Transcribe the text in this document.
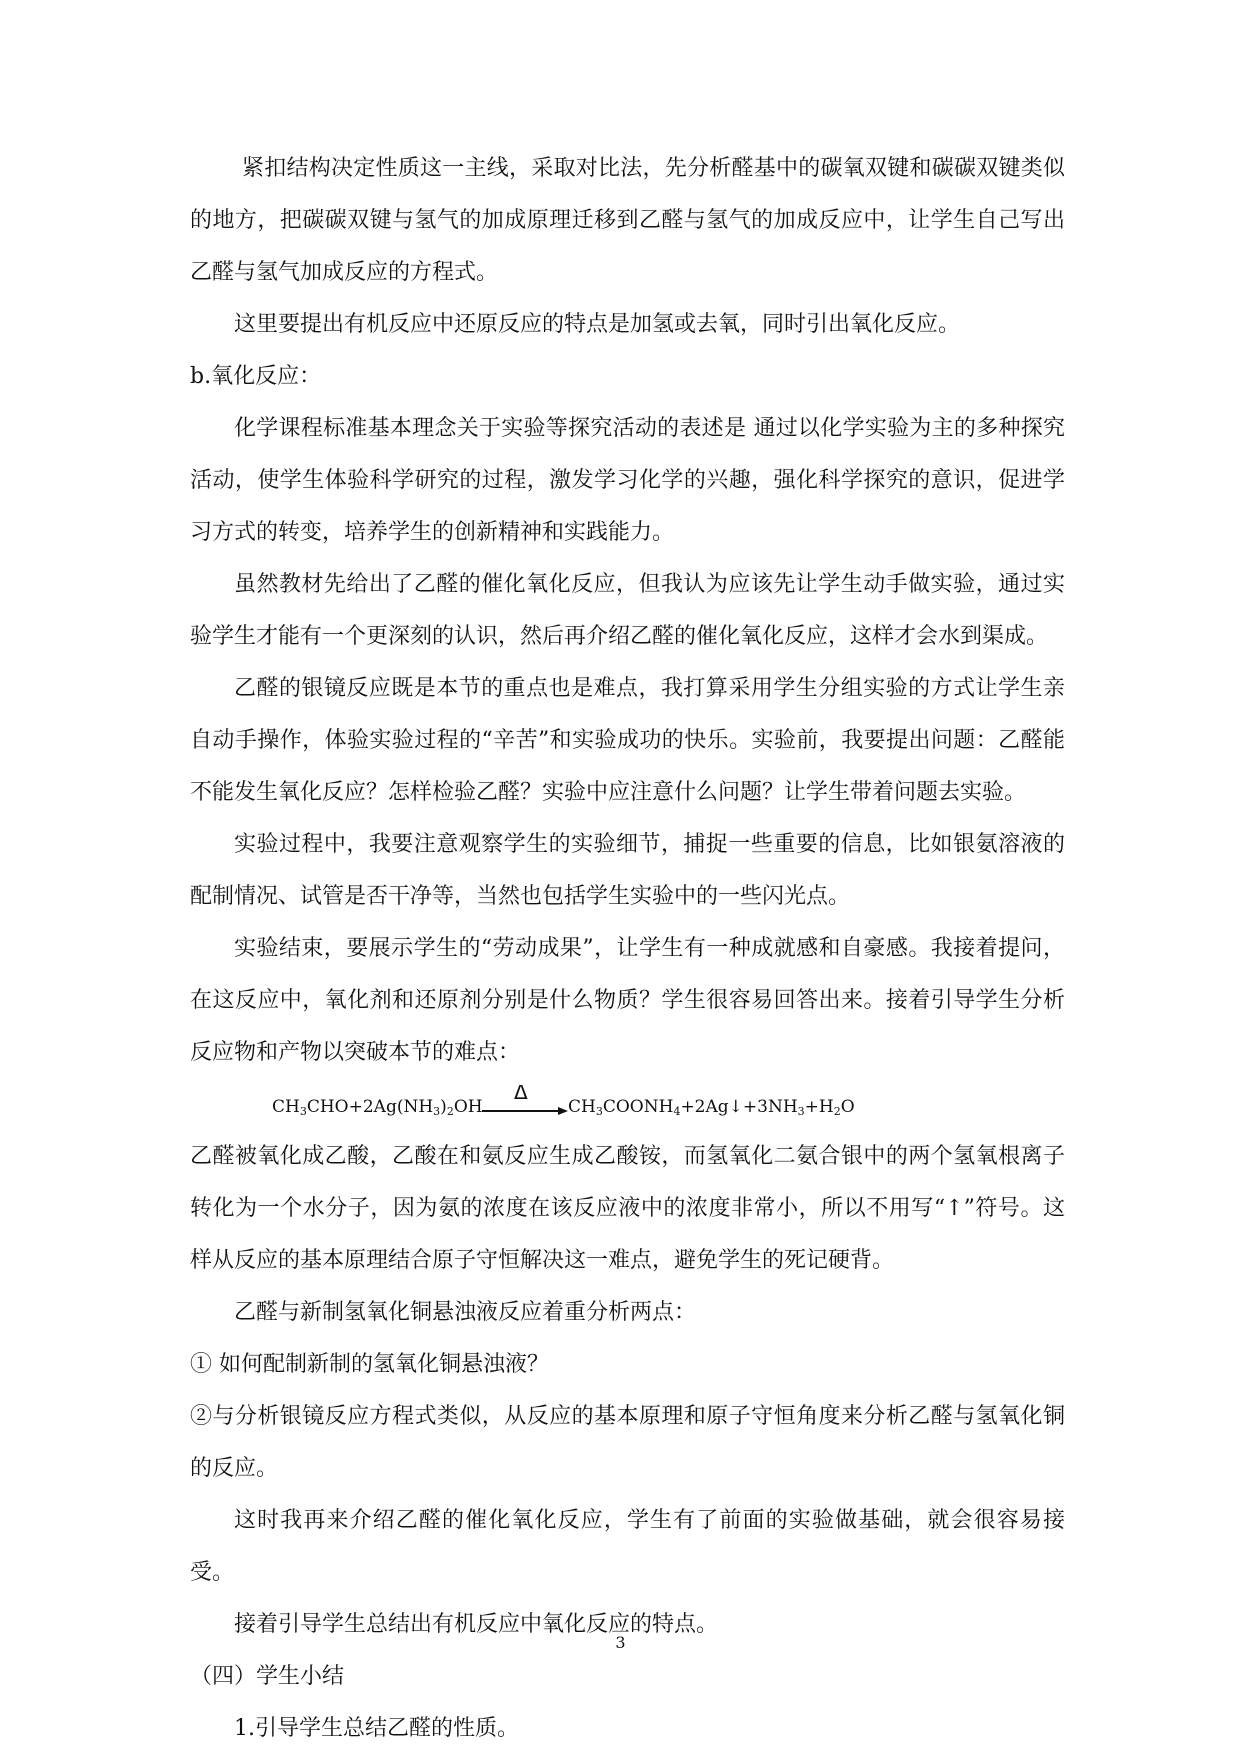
紧扣结构决定性质这一主线，采取对比法，先分析醛基中的碳氧双键和碳碳双键类似的地方，把碳碳双键与氢气的加成原理迁移到乙醛与氢气的加成反应中，让学生自己写出乙醛与氢气加成反应的方程式。

这里要提出有机反应中还原反应的特点是加氢或去氧，同时引出氧化反应。

b.氧化反应：

化学课程标准基本理念关于实验等探究活动的表述是 通过以化学实验为主的多种探究活动，使学生体验科学研究的过程，激发学习化学的兴趣，强化科学探究的意识，促进学习方式的转变，培养学生的创新精神和实践能力。

虽然教材先给出了乙醛的催化氧化反应，但我认为应该先让学生动手做实验，通过实验学生才能有一个更深刻的认识，然后再介绍乙醛的催化氧化反应，这样才会水到渠成。

乙醛的银镜反应既是本节的重点也是难点，我打算采用学生分组实验的方式让学生亲自动手操作，体验实验过程的“辛苦”和实验成功的快乐。实验前，我要提出问题：乙醛能不能发生氧化反应？怎样检验乙醛？实验中应注意什么问题？让学生带着问题去实验。

实验过程中，我要注意观察学生的实验细节，捕捉一些重要的信息，比如银氨溶液的配制情况、试管是否干净等，当然也包括学生实验中的一些闪光点。

实验结束，要展示学生的“劳动成果”，让学生有一种成就感和自豪感。我接着提问，在这反应中，氧化剂和还原剂分别是什么物质？学生很容易回答出来。接着引导学生分析反应物和产物以突破本节的难点：

$CH_3CHO+2Ag(NH_3)_2OH$
Δ
$CH_3COONH_4+2Ag↓+3NH_3+H_2O$

乙醛被氧化成乙酸，乙酸在和氨反应生成乙酸铵，而氢氧化二氨合银中的两个氢氧根离子转化为一个水分子，因为氨的浓度在该反应液中的浓度非常小，所以不用写“↑”符号。这样从反应的基本原理结合原子守恒解决这一难点，避免学生的死记硬背。

乙醛与新制氢氧化铜悬浊液反应着重分析两点：

① 如何配制新制的氢氧化铜悬浊液？

②与分析银镜反应方程式类似，从反应的基本原理和原子守恒角度来分析乙醛与氢氧化铜的反应。

这时我再来介绍乙醛的催化氧化反应，学生有了前面的实验做基础，就会很容易接受。

接着引导学生总结出有机反应中氧化反应的特点。

（四）学生小结

1.引导学生总结乙醛的性质。

3
